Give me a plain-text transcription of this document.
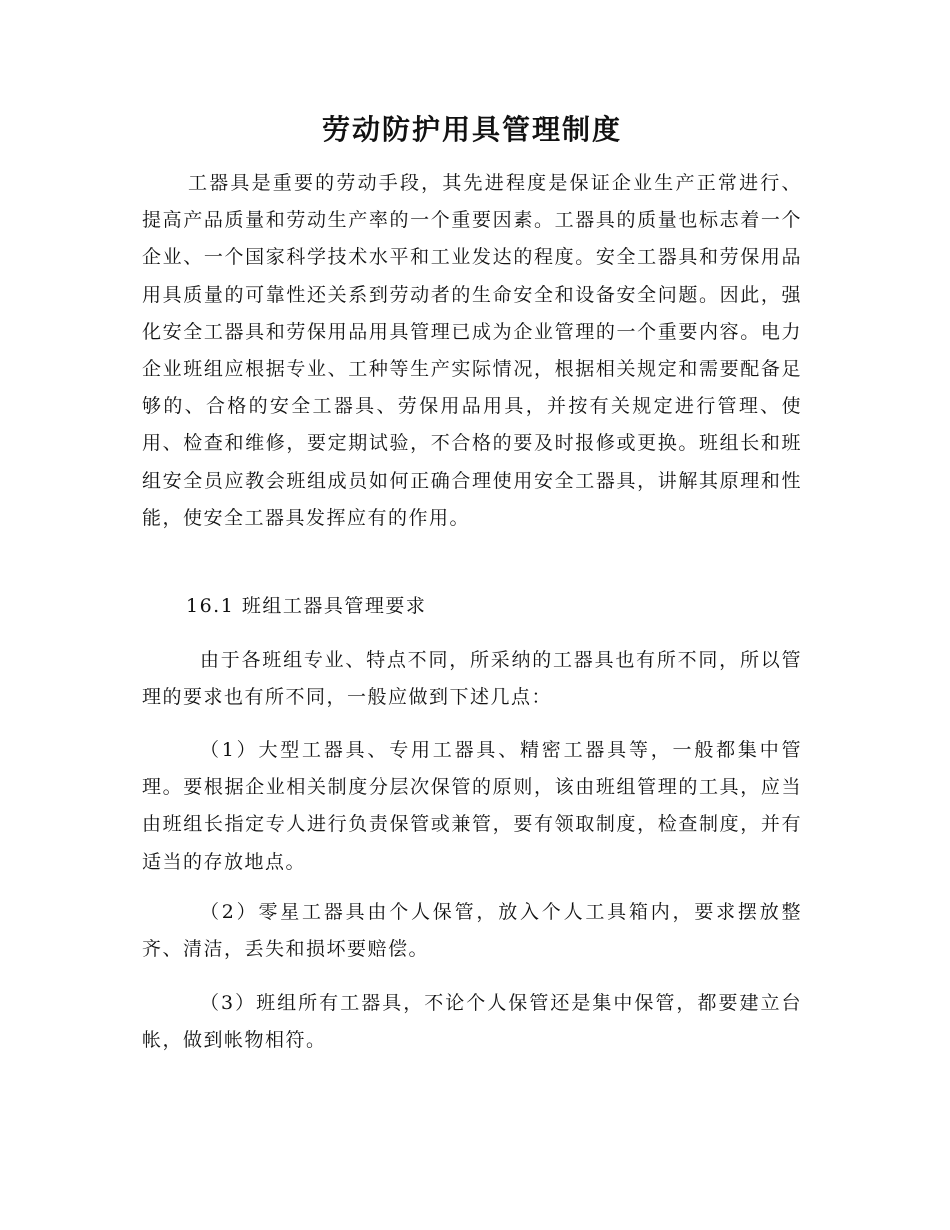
劳动防护用具管理制度

工器具是重要的劳动手段，其先进程度是保证企业生产正常进行、提高产品质量和劳动生产率的一个重要因素。工器具的质量也标志着一个企业、一个国家科学技术水平和工业发达的程度。安全工器具和劳保用品用具质量的可靠性还关系到劳动者的生命安全和设备安全问题。因此，强化安全工器具和劳保用品用具管理已成为企业管理的一个重要内容。电力企业班组应根据专业、工种等生产实际情况，根据相关规定和需要配备足够的、合格的安全工器具、劳保用品用具，并按有关规定进行管理、使用、检查和维修，要定期试验，不合格的要及时报修或更换。班组长和班组安全员应教会班组成员如何正确合理使用安全工器具，讲解其原理和性能，使安全工器具发挥应有的作用。

16.1 班组工器具管理要求

由于各班组专业、特点不同，所采纳的工器具也有所不同，所以管理的要求也有所不同，一般应做到下述几点：

（1）大型工器具、专用工器具、精密工器具等，一般都集中管理。要根据企业相关制度分层次保管的原则，该由班组管理的工具，应当由班组长指定专人进行负责保管或兼管，要有领取制度，检查制度，并有适当的存放地点。

（2）零星工器具由个人保管，放入个人工具箱内，要求摆放整齐、清洁，丢失和损坏要赔偿。

（3）班组所有工器具，不论个人保管还是集中保管，都要建立台帐，做到帐物相符。
